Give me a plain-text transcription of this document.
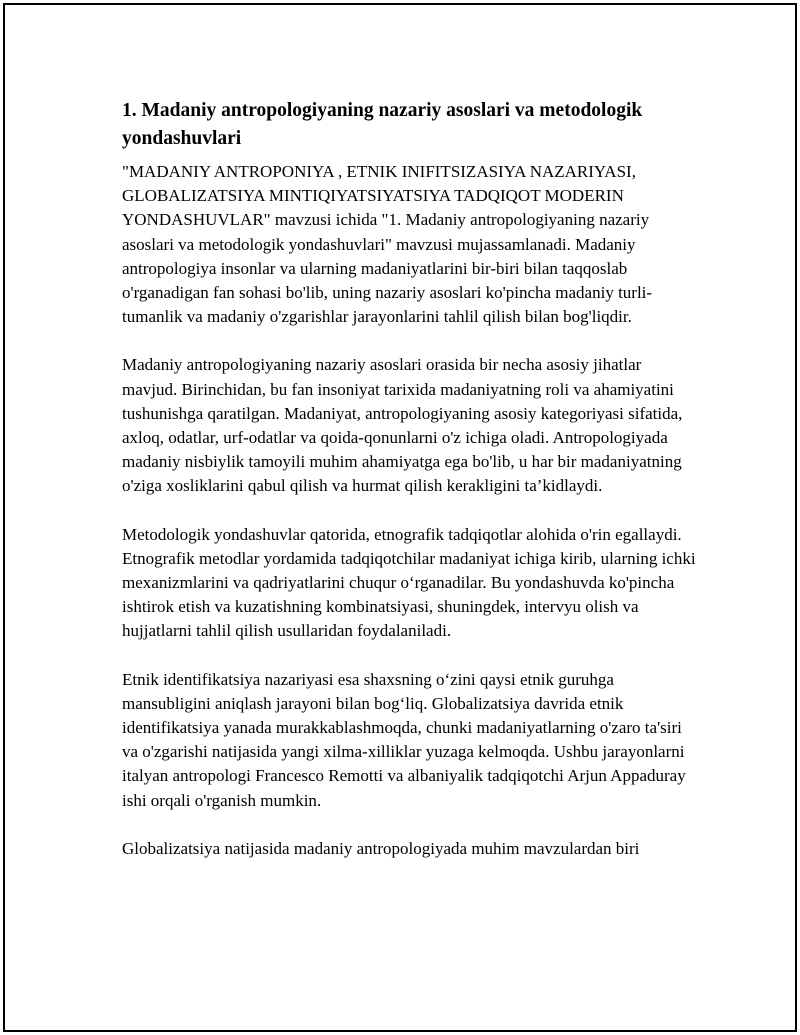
1. Madaniy antropologiyaning nazariy asoslari va metodologik yondashuvlari

"MADANIY ANTROPONIYA , ETNIK INIFITSIZASIYA NAZARIYASI, GLOBALIZATSIYA MINTIQIYATSIYATSIYA TADQIQOT MODERIN YONDASHUVLAR" mavzusi ichida "1. Madaniy antropologiyaning nazariy asoslari va metodologik yondashuvlari" mavzusi mujassamlanadi. Madaniy antropologiya insonlar va ularning madaniyatlarini bir-biri bilan taqqoslab o'rganadigan fan sohasi bo'lib, uning nazariy asoslari ko'pincha madaniy turli-tumanlik va madaniy o'zgarishlar jarayonlarini tahlil qilish bilan bog'liqdir.

Madaniy antropologiyaning nazariy asoslari orasida bir necha asosiy jihatlar mavjud. Birinchidan, bu fan insoniyat tarixida madaniyatning roli va ahamiyatini tushunishga qaratilgan. Madaniyat, antropologiyaning asosiy kategoriyasi sifatida, axloq, odatlar, urf-odatlar va qoida-qonunlarni o'z ichiga oladi. Antropologiyada madaniy nisbiylik tamoyili muhim ahamiyatga ega bo'lib, u har bir madaniyatning o'ziga xosliklarini qabul qilish va hurmat qilish kerakligini ta’kidlaydi.

Metodologik yondashuvlar qatorida, etnografik tadqiqotlar alohida o'rin egallaydi. Etnografik metodlar yordamida tadqiqotchilar madaniyat ichiga kirib, ularning ichki mexanizmlarini va qadriyatlarini chuqur o‘rganadilar. Bu yondashuvda ko'pincha ishtirok etish va kuzatishning kombinatsiyasi, shuningdek, intervyu olish va hujjatlarni tahlil qilish usullaridan foydalaniladi.

Etnik identifikatsiya nazariyasi esa shaxsning o‘zini qaysi etnik guruhga mansubligini aniqlash jarayoni bilan bog‘liq. Globalizatsiya davrida etnik identifikatsiya yanada murakkablashmoqda, chunki madaniyatlarning o'zaro ta'siri va o'zgarishi natijasida yangi xilma-xilliklar yuzaga kelmoqda. Ushbu jarayonlarni italyan antropologi Francesco Remotti va albaniyalik tadqiqotchi Arjun Appaduray ishi orqali o'rganish mumkin.

Globalizatsiya natijasida madaniy antropologiyada muhim mavzulardan biri
